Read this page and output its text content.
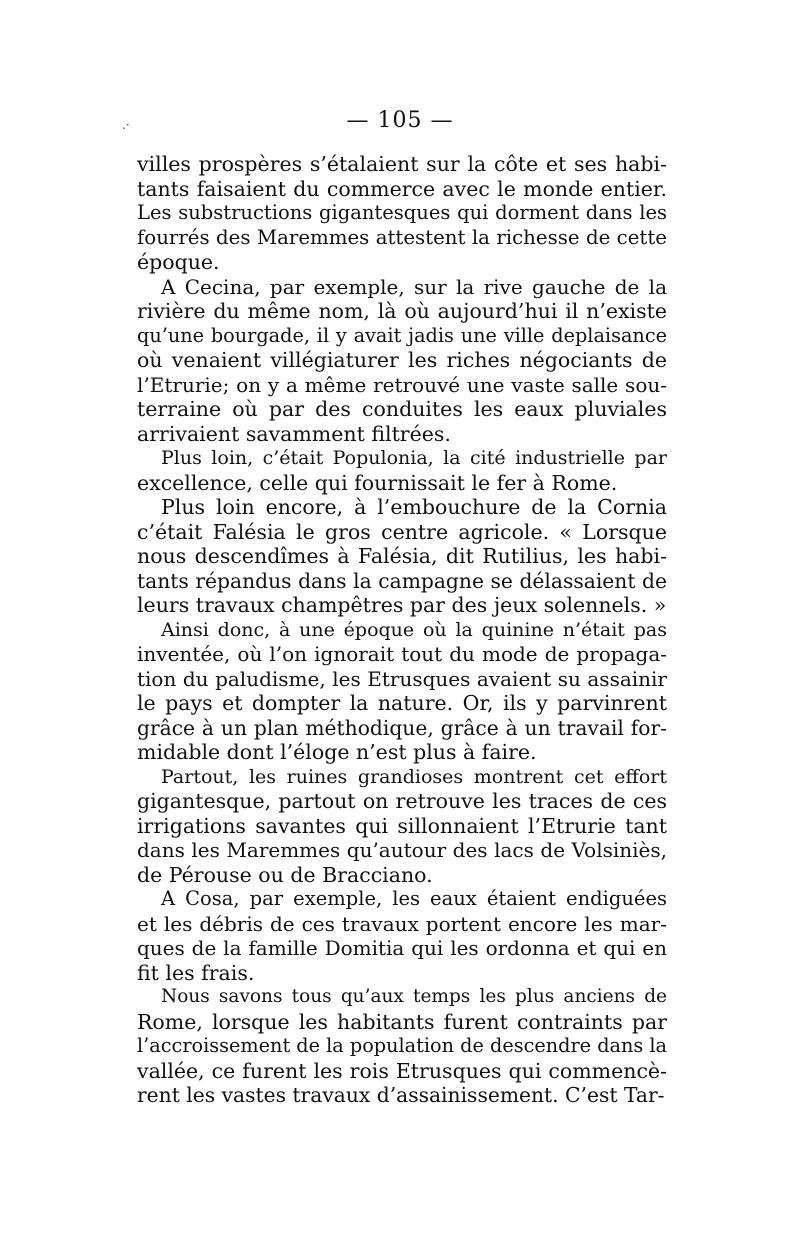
.·	— 105 —
villes prospères s’étalaient sur la côte et ses habi-
tants faisaient du commerce avec le monde entier.
Les substructions gigantesques qui dorment dans les
fourrés des Maremmes attestent la richesse de cette
époque.
A Cecina, par exemple, sur la rive gauche de la
rivière du même nom, là où aujourd’hui il n’existe
qu’une bourgade, il y avait jadis une ville deplaisance
où venaient villégiaturer les riches négociants de
l’Etrurie; on y a même retrouvé une vaste salle sou-
terraine où par des conduites les eaux pluviales
arrivaient savamment filtrées.
Plus loin, c’était Populonia, la cité industrielle par
excellence, celle qui fournissait le fer à Rome.
Plus loin encore, à l’embouchure de la Cornia
c’était Falésia le gros centre agricole. « Lorsque
nous descendîmes à Falésia, dit Rutilius, les habi-
tants répandus dans la campagne se délassaient de
leurs travaux champêtres par des jeux solennels. »
Ainsi donc, à une époque où la quinine n’était pas
inventée, où l’on ignorait tout du mode de propaga-
tion du paludisme, les Etrusques avaient su assainir
le pays et dompter la nature. Or, ils y parvinrent
grâce à un plan méthodique, grâce à un travail for-
midable dont l’éloge n’est plus à faire.
Partout, les ruines grandioses montrent cet effort
gigantesque, partout on retrouve les traces de ces
irrigations savantes qui sillonnaient l’Etrurie tant
dans les Maremmes qu’autour des lacs de Volsiniès,
de Pérouse ou de Bracciano.
A Cosa, par exemple, les eaux étaient endiguées
et les débris de ces travaux portent encore les mar-
ques de la famille Domitia qui les ordonna et qui en
fit les frais.
Nous savons tous qu’aux temps les plus anciens de
Rome, lorsque les habitants furent contraints par
l’accroissement de la population de descendre dans la
vallée, ce furent les rois Etrusques qui commencè-
rent les vastes travaux d’assainissement. C’est Tar-
